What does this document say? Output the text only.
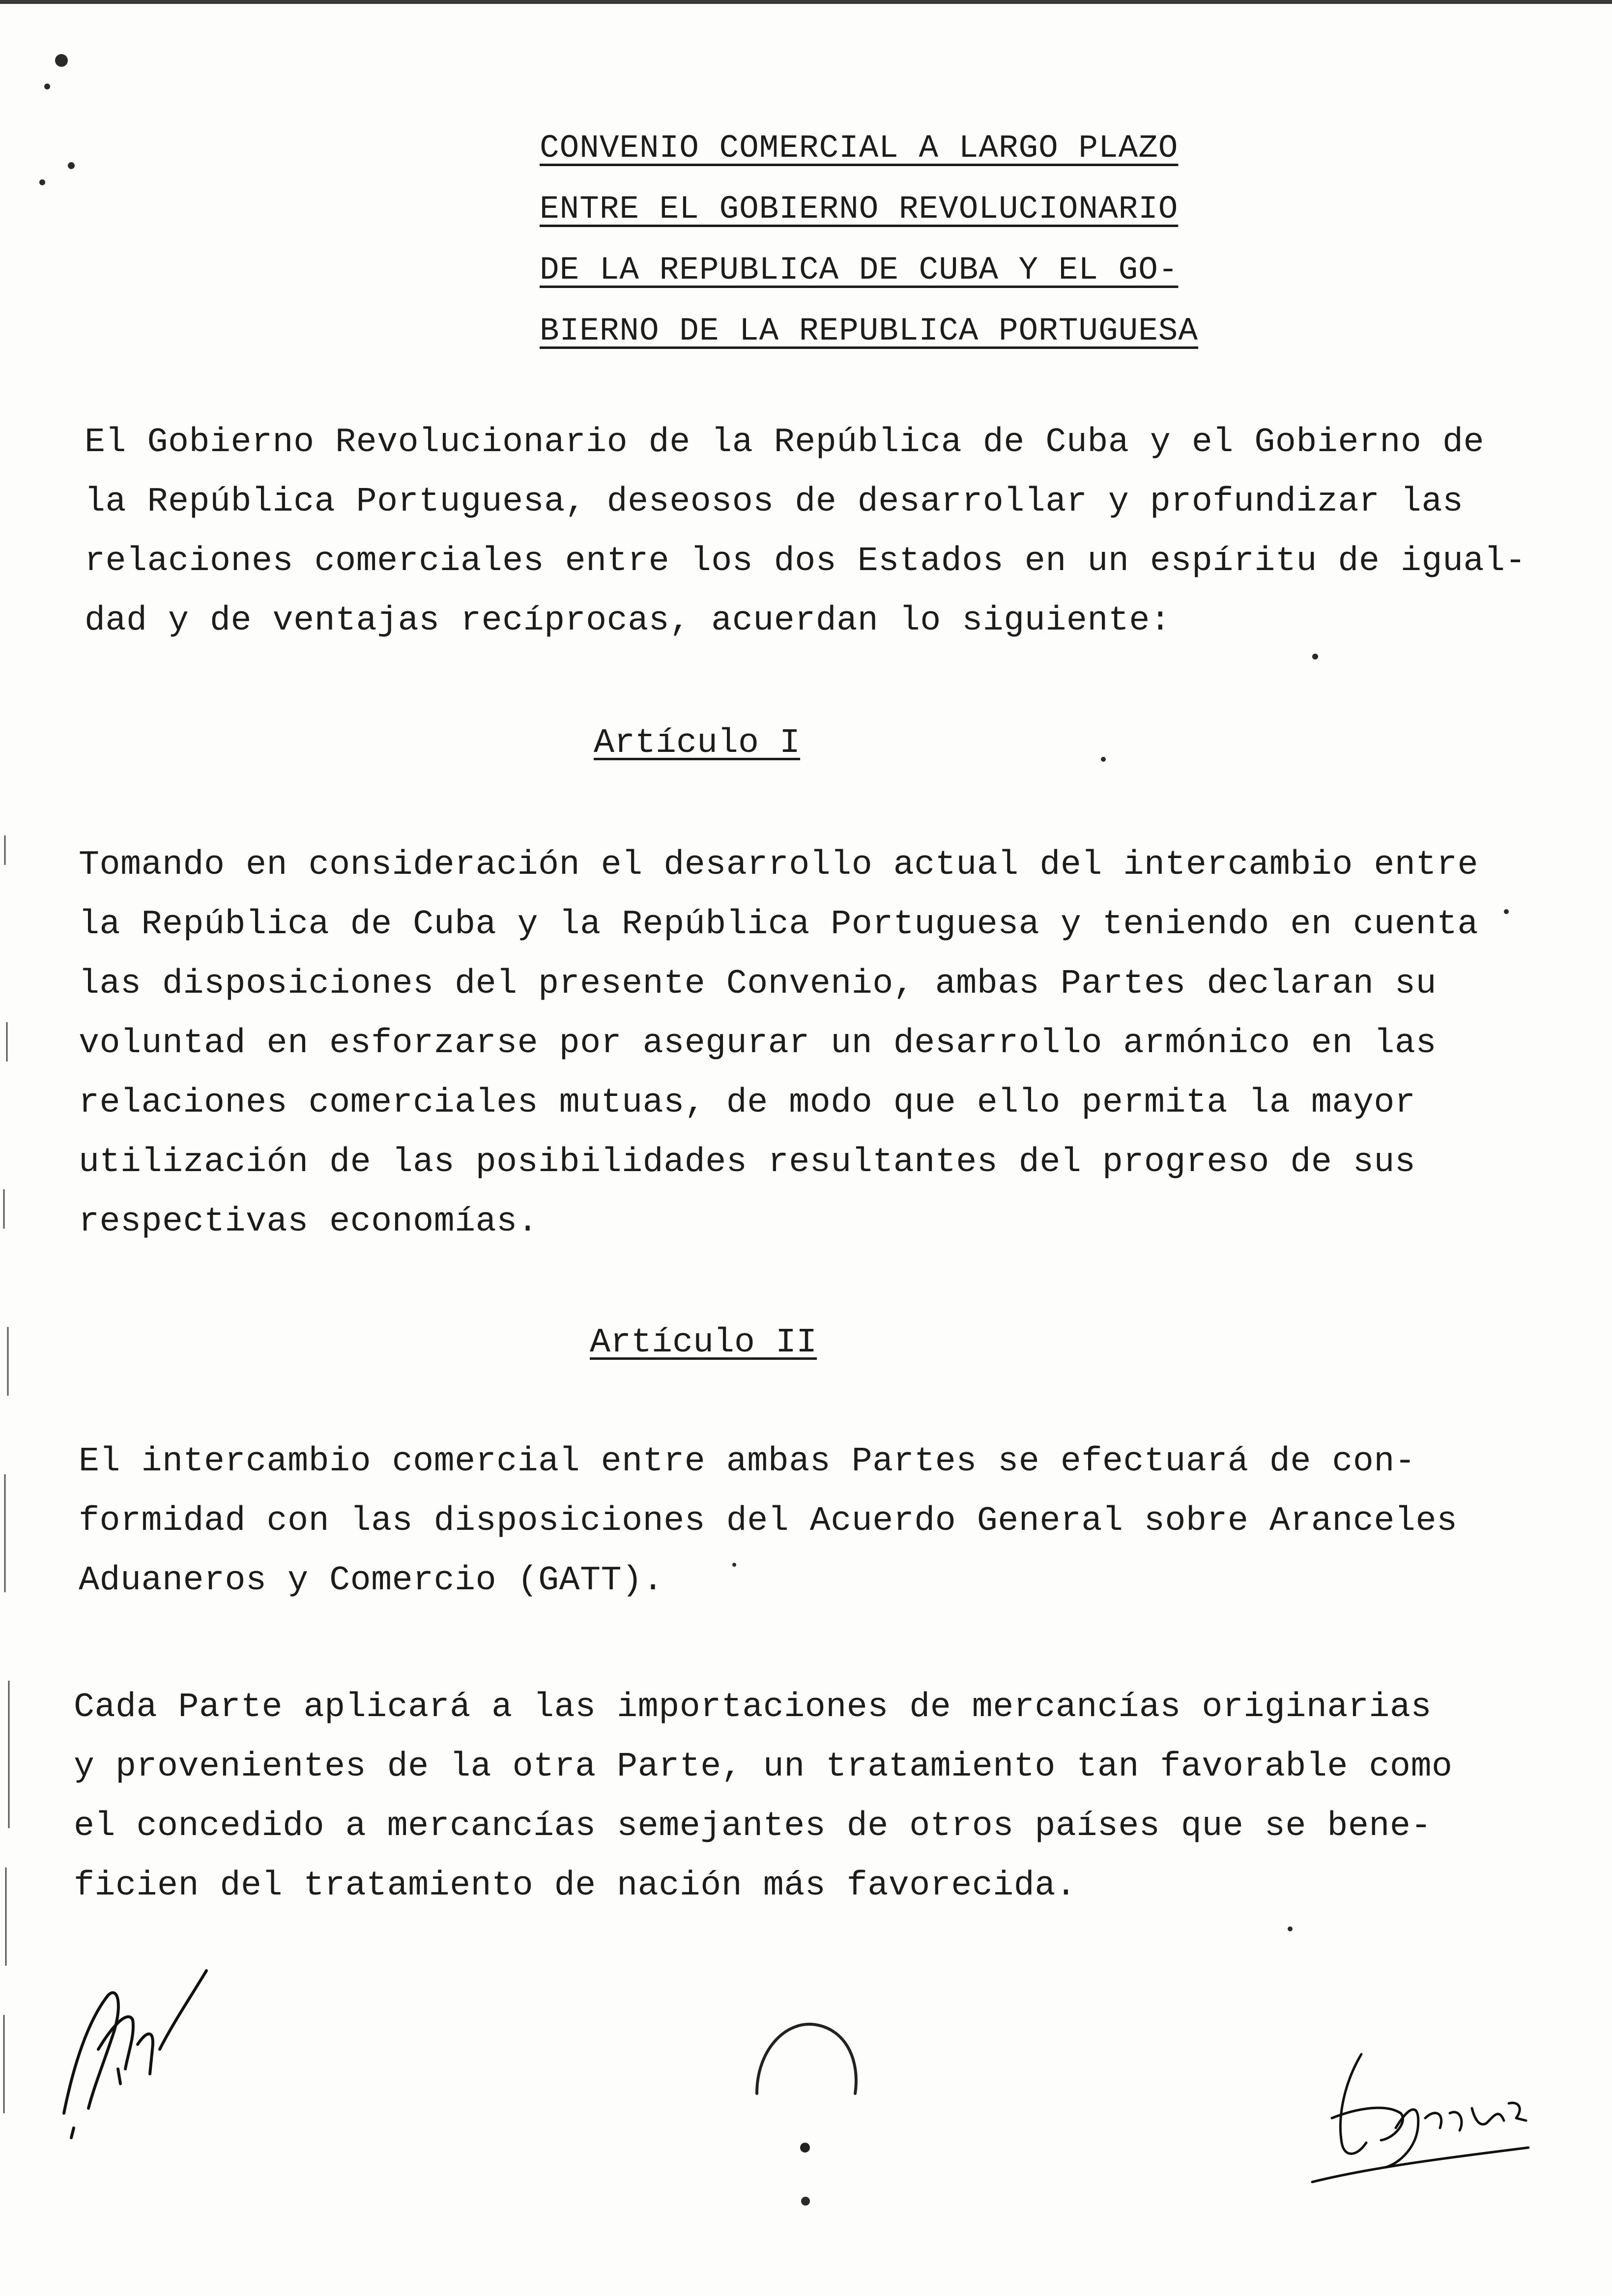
CONVENIO COMERCIAL A LARGO PLAZO
ENTRE EL GOBIERNO REVOLUCIONARIO
DE LA REPUBLICA DE CUBA Y EL GO-
BIERNO DE LA REPUBLICA PORTUGUESA
El Gobierno Revolucionario de la República de Cuba y el Gobierno de
la República Portuguesa, deseosos de desarrollar y profundizar las
relaciones comerciales entre los dos Estados en un espíritu de igual-
dad y de ventajas recíprocas, acuerdan lo siguiente:
Artículo I
Tomando en consideración el desarrollo actual del intercambio entre
la República de Cuba y la República Portuguesa y teniendo en cuenta
las disposiciones del presente Convenio, ambas Partes declaran su
voluntad en esforzarse por asegurar un desarrollo armónico en las
relaciones comerciales mutuas, de modo que ello permita la mayor
utilización de las posibilidades resultantes del progreso de sus
respectivas economías.
Artículo II
El intercambio comercial entre ambas Partes se efectuará de con-
formidad con las disposiciones del Acuerdo General sobre Aranceles
Aduaneros y Comercio (GATT).
Cada Parte aplicará a las importaciones de mercancías originarias
y provenientes de la otra Parte, un tratamiento tan favorable como
el concedido a mercancías semejantes de otros países que se bene-
ficien del tratamiento de nación más favorecida.
